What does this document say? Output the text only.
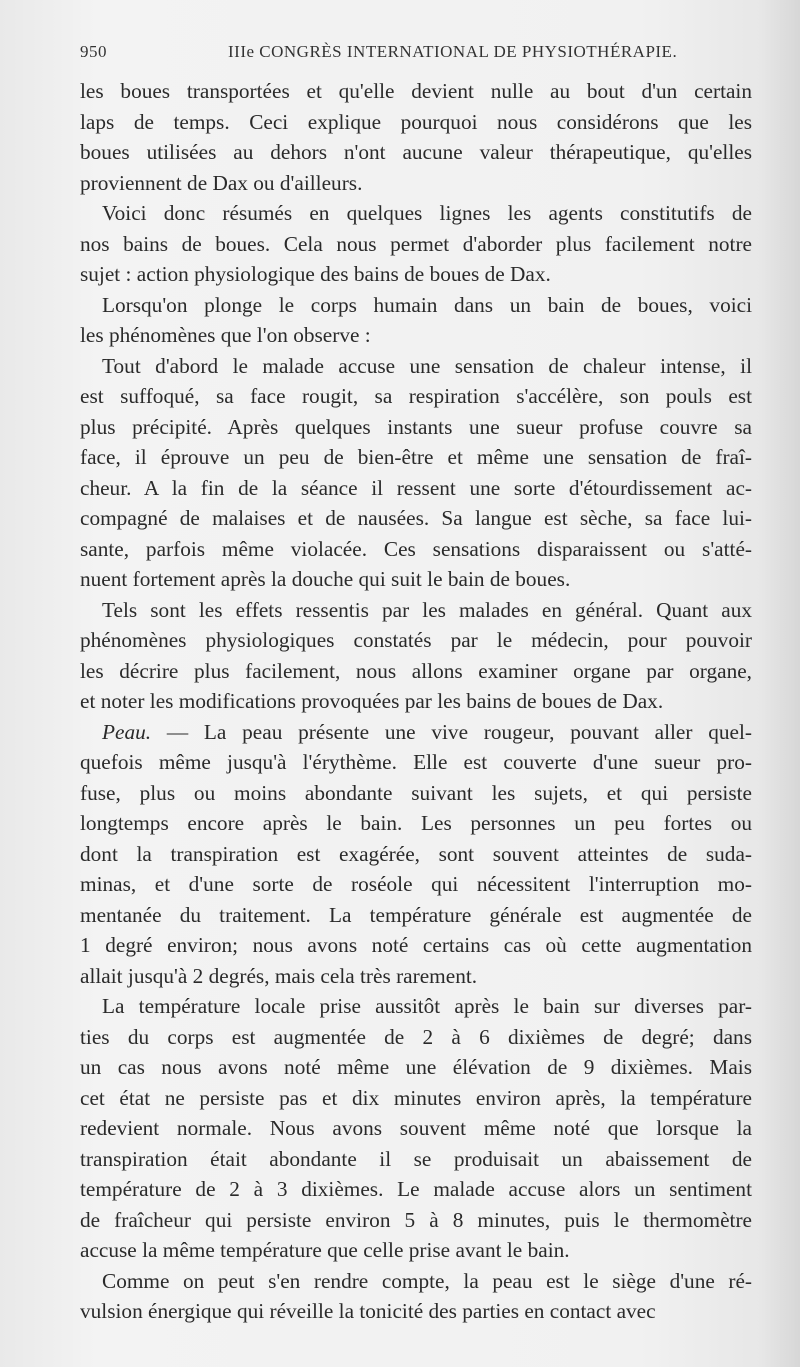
950	IIIe CONGRÈS INTERNATIONAL DE PHYSIOTHÉRAPIE.
les boues transportées et qu'elle devient nulle au bout d'un certain
laps de temps. Ceci explique pourquoi nous considérons que les
boues utilisées au dehors n'ont aucune valeur thérapeutique, qu'elles
proviennent de Dax ou d'ailleurs.
Voici donc résumés en quelques lignes les agents constitutifs de
nos bains de boues. Cela nous permet d'aborder plus facilement notre
sujet : action physiologique des bains de boues de Dax.
Lorsqu'on plonge le corps humain dans un bain de boues, voici
les phénomènes que l'on observe :
Tout d'abord le malade accuse une sensation de chaleur intense, il
est suffoqué, sa face rougit, sa respiration s'accélère, son pouls est
plus précipité. Après quelques instants une sueur profuse couvre sa
face, il éprouve un peu de bien-être et même une sensation de fraî-
cheur. A la fin de la séance il ressent une sorte d'étourdissement ac-
compagné de malaises et de nausées. Sa langue est sèche, sa face lui-
sante, parfois même violacée. Ces sensations disparaissent ou s'atté-
nuent fortement après la douche qui suit le bain de boues.
Tels sont les effets ressentis par les malades en général. Quant aux
phénomènes physiologiques constatés par le médecin, pour pouvoir
les décrire plus facilement, nous allons examiner organe par organe,
et noter les modifications provoquées par les bains de boues de Dax.
Peau. — La peau présente une vive rougeur, pouvant aller quel-
quefois même jusqu'à l'érythème. Elle est couverte d'une sueur pro-
fuse, plus ou moins abondante suivant les sujets, et qui persiste
longtemps encore après le bain. Les personnes un peu fortes ou
dont la transpiration est exagérée, sont souvent atteintes de suda-
minas, et d'une sorte de roséole qui nécessitent l'interruption mo-
mentanée du traitement. La température générale est augmentée de
1 degré environ; nous avons noté certains cas où cette augmentation
allait jusqu'à 2 degrés, mais cela très rarement.
La température locale prise aussitôt après le bain sur diverses par-
ties du corps est augmentée de 2 à 6 dixièmes de degré; dans
un cas nous avons noté même une élévation de 9 dixièmes. Mais
cet état ne persiste pas et dix minutes environ après, la température
redevient normale. Nous avons souvent même noté que lorsque la
transpiration était abondante il se produisait un abaissement de
température de 2 à 3 dixièmes. Le malade accuse alors un sentiment
de fraîcheur qui persiste environ 5 à 8 minutes, puis le thermomètre
accuse la même température que celle prise avant le bain.
Comme on peut s'en rendre compte, la peau est le siège d'une ré-
vulsion énergique qui réveille la tonicité des parties en contact avec
